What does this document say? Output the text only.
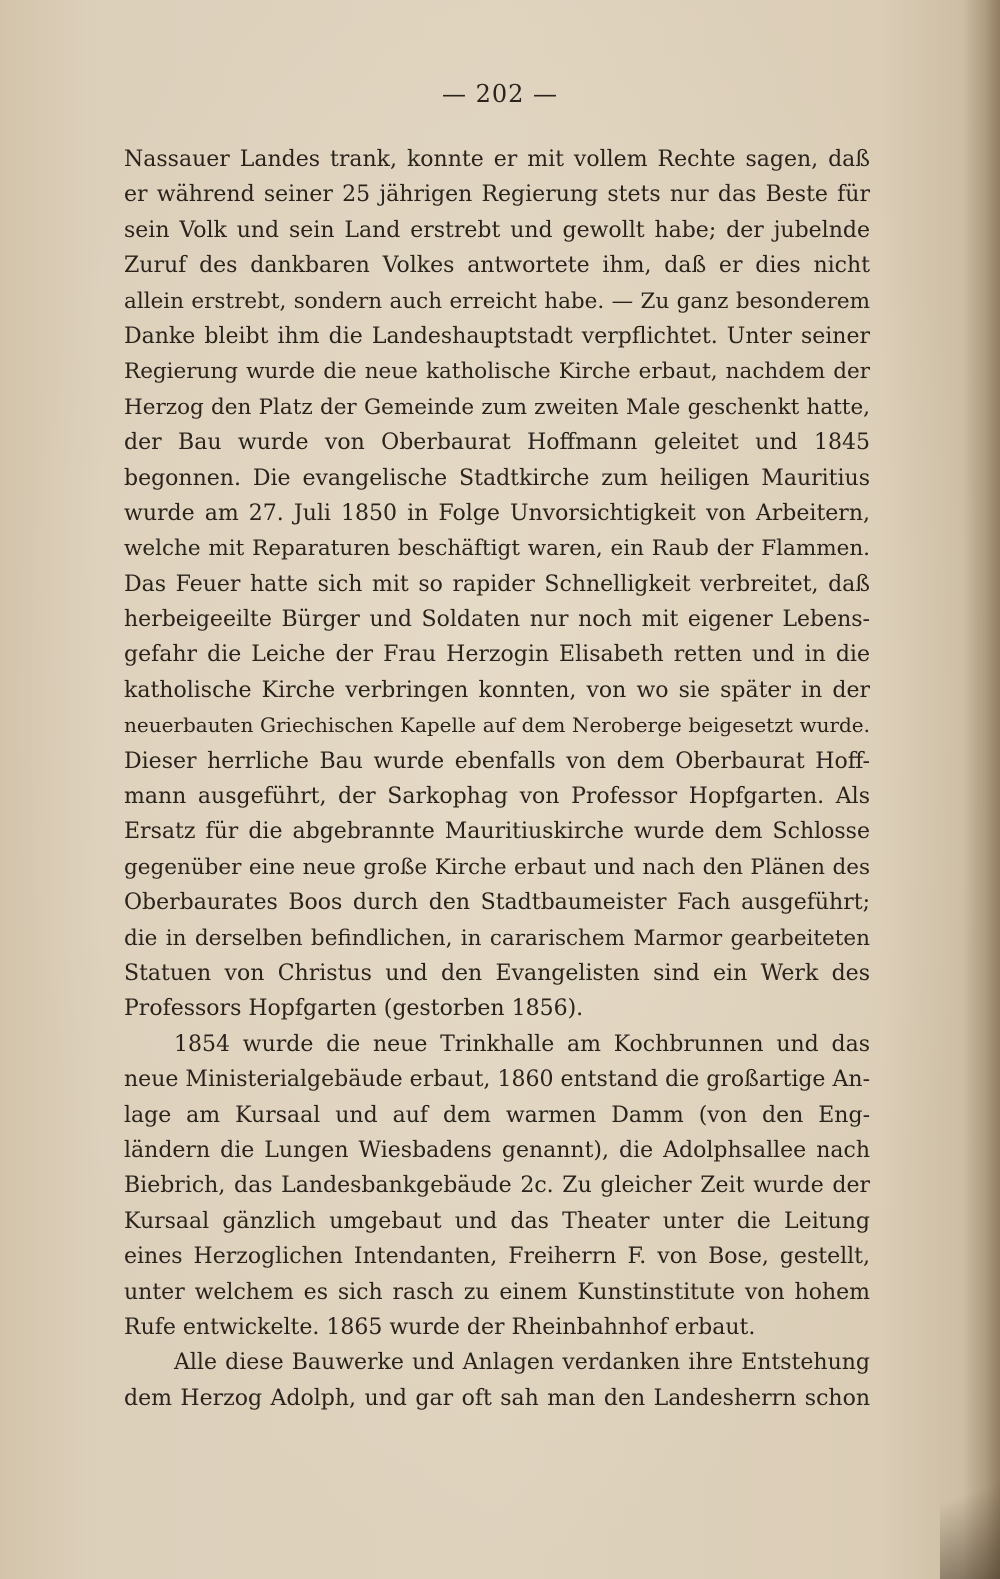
— 202 —
Nassauer Landes trank, konnte er mit vollem Rechte sagen, daß
er während seiner 25 jährigen Regierung stets nur das Beste für
sein Volk und sein Land erstrebt und gewollt habe; der jubelnde
Zuruf des dankbaren Volkes antwortete ihm, daß er dies nicht
allein erstrebt, sondern auch erreicht habe. — Zu ganz besonderem
Danke bleibt ihm die Landeshauptstadt verpflichtet. Unter seiner
Regierung wurde die neue katholische Kirche erbaut, nachdem der
Herzog den Platz der Gemeinde zum zweiten Male geschenkt hatte,
der Bau wurde von Oberbaurat Hoffmann geleitet und 1845
begonnen. Die evangelische Stadtkirche zum heiligen Mauritius
wurde am 27. Juli 1850 in Folge Unvorsichtigkeit von Arbeitern,
welche mit Reparaturen beschäftigt waren, ein Raub der Flammen.
Das Feuer hatte sich mit so rapider Schnelligkeit verbreitet, daß
herbeigeeilte Bürger und Soldaten nur noch mit eigener Lebens-
gefahr die Leiche der Frau Herzogin Elisabeth retten und in die
katholische Kirche verbringen konnten, von wo sie später in der
neuerbauten Griechischen Kapelle auf dem Neroberge beigesetzt wurde.
Dieser herrliche Bau wurde ebenfalls von dem Oberbaurat Hoff-
mann ausgeführt, der Sarkophag von Professor Hopfgarten. Als
Ersatz für die abgebrannte Mauritiuskirche wurde dem Schlosse
gegenüber eine neue große Kirche erbaut und nach den Plänen des
Oberbaurates Boos durch den Stadtbaumeister Fach ausgeführt;
die in derselben befindlichen, in cararischem Marmor gearbeiteten
Statuen von Christus und den Evangelisten sind ein Werk des
Professors Hopfgarten (gestorben 1856).
1854 wurde die neue Trinkhalle am Kochbrunnen und das
neue Ministerialgebäude erbaut, 1860 entstand die großartige An-
lage am Kursaal und auf dem warmen Damm (von den Eng-
ländern die Lungen Wiesbadens genannt), die Adolphsallee nach
Biebrich, das Landesbankgebäude 2c. Zu gleicher Zeit wurde der
Kursaal gänzlich umgebaut und das Theater unter die Leitung
eines Herzoglichen Intendanten, Freiherrn F. von Bose, gestellt,
unter welchem es sich rasch zu einem Kunstinstitute von hohem
Rufe entwickelte. 1865 wurde der Rheinbahnhof erbaut.
Alle diese Bauwerke und Anlagen verdanken ihre Entstehung
dem Herzog Adolph, und gar oft sah man den Landesherrn schon
